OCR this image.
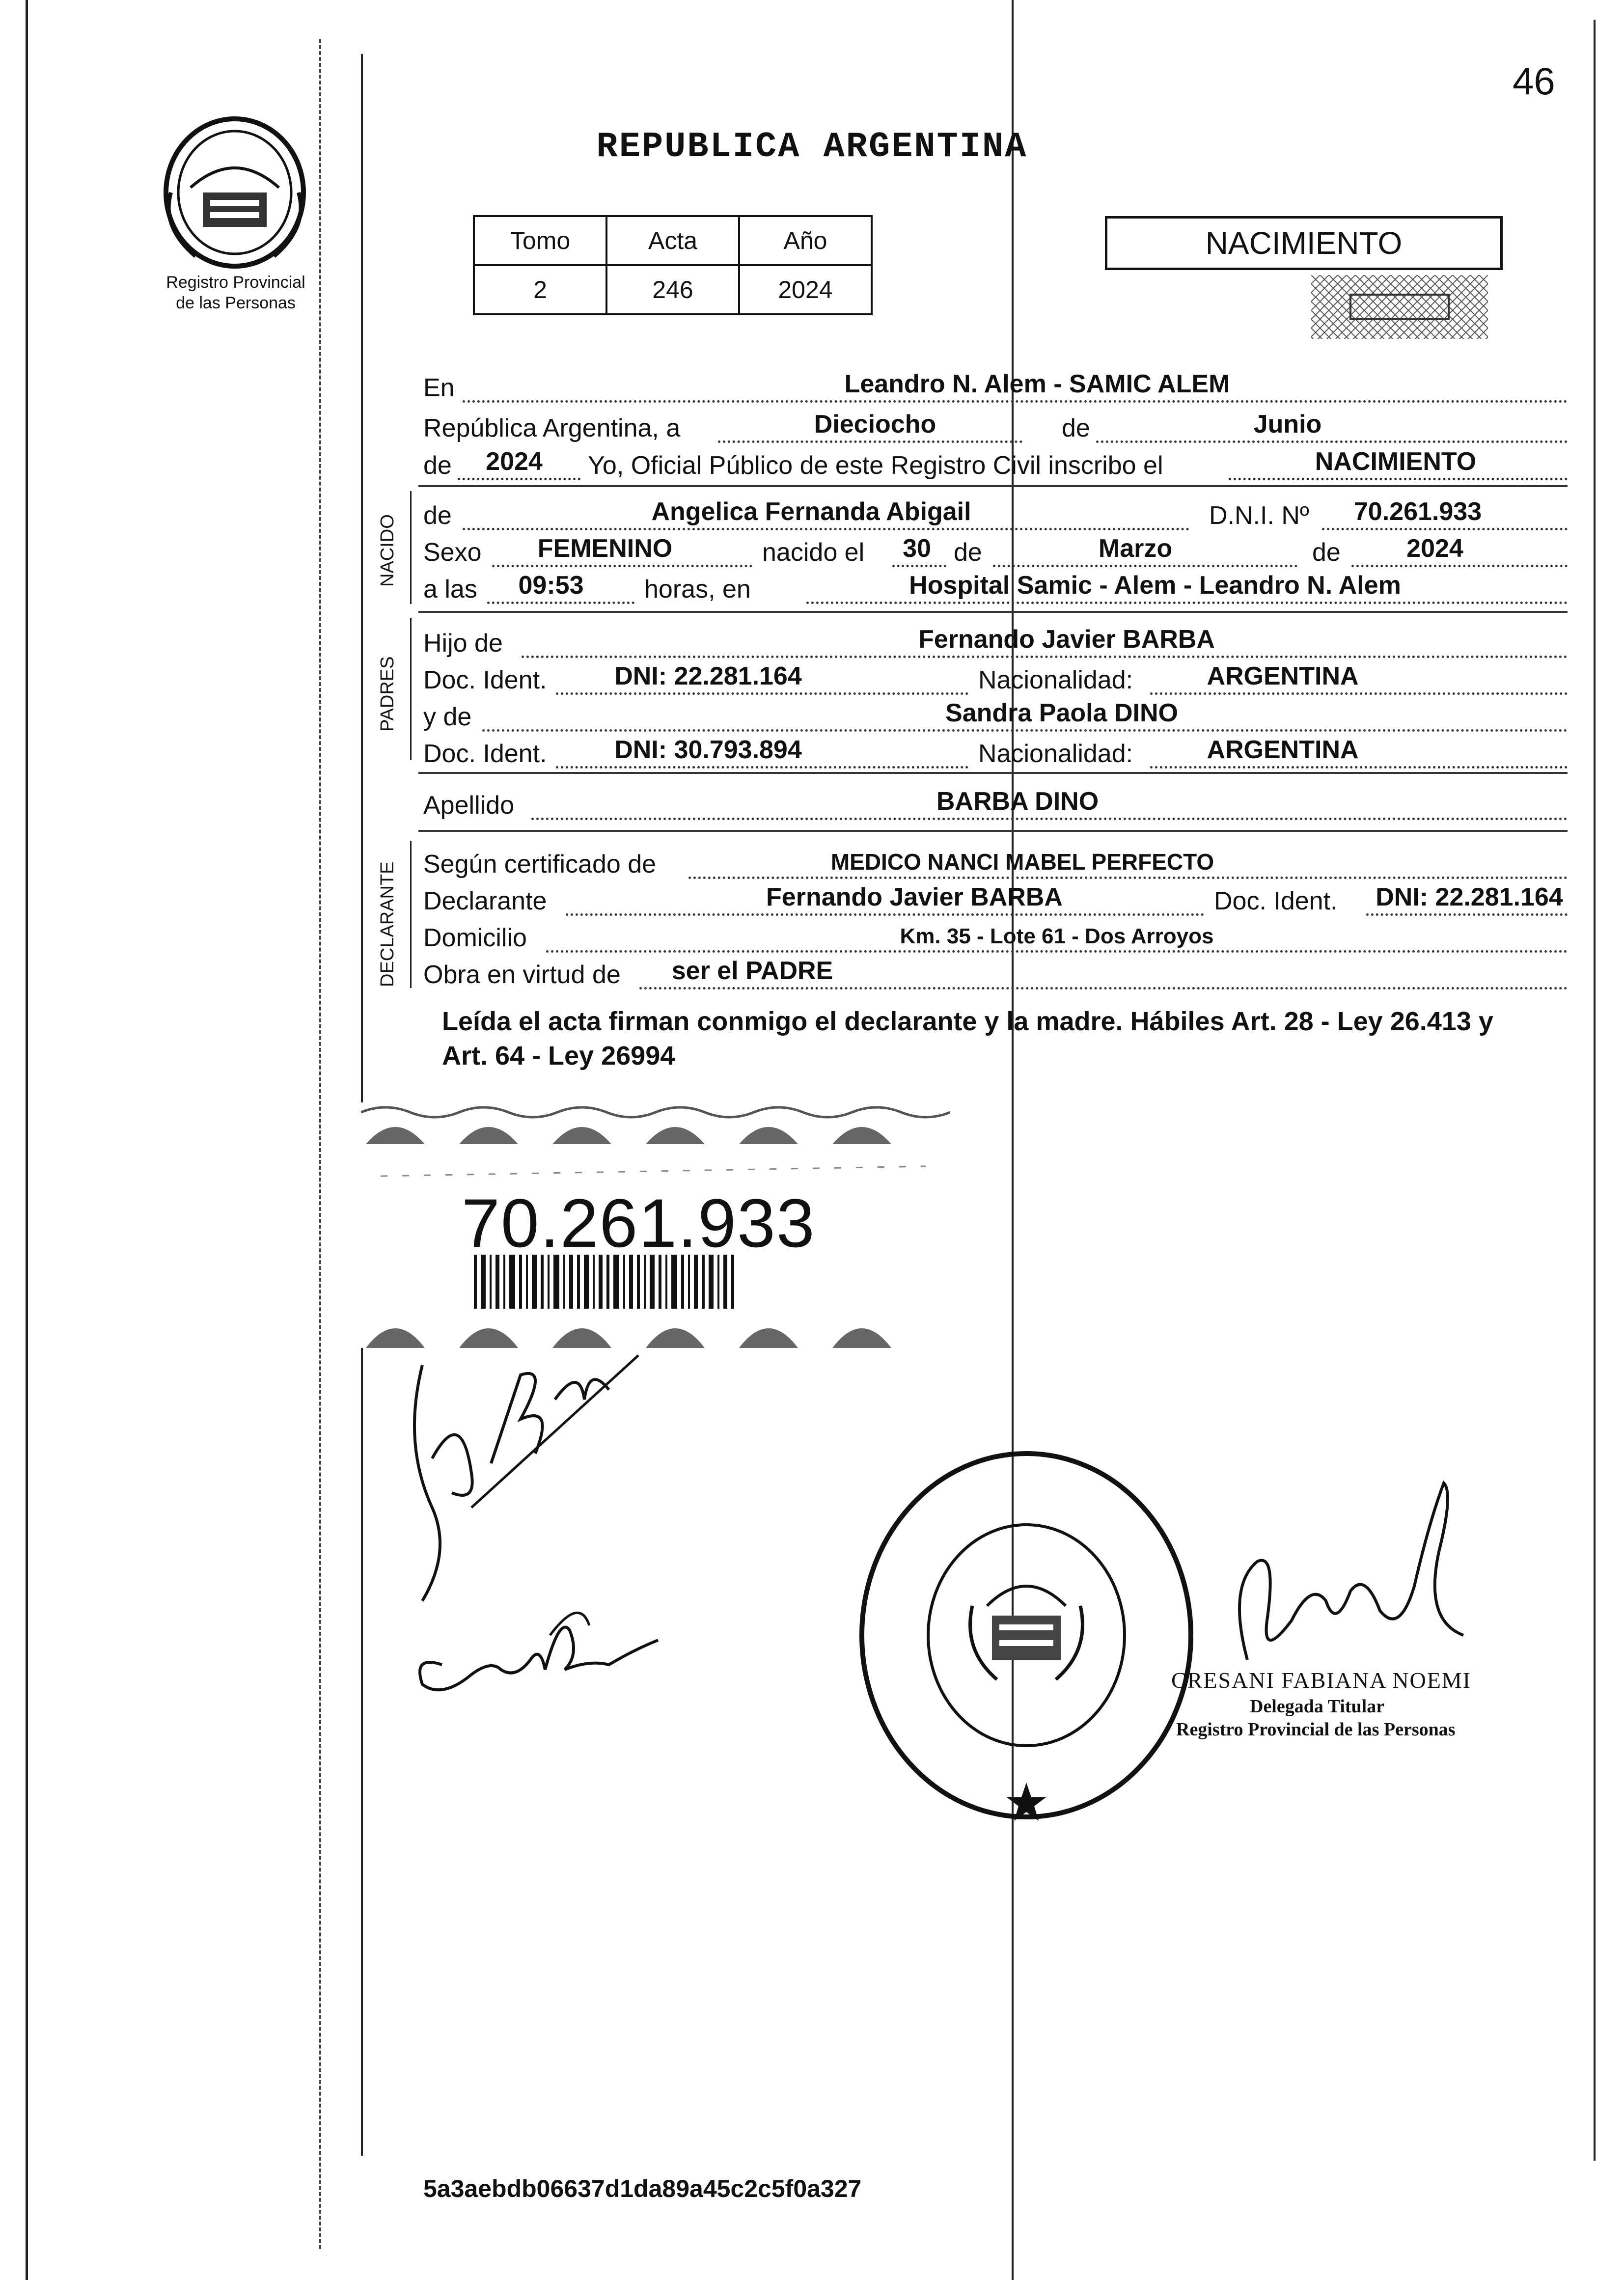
46
Registro Provincial
de las Personas
REPUBLICA ARGENTINA
Tomo	Acta	Año
2	246	2024
NACIMIENTO
En	Leandro N. Alem - SAMIC ALEM
República Argentina, a	Dieciocho	de	Junio
de	2024	Yo, Oficial Público de este Registro Civil inscribo el	NACIMIENTO
NACIDO de	Angelica Fernanda Abigail	D.N.I. Nº	70.261.933
Sexo	FEMENINO	nacido el	30 de	Marzo	de	2024
a las	09:53	horas, en	Hospital Samic - Alem - Leandro N. Alem
PADRES
Hijo de	Fernando Javier BARBA
Doc. Ident.	DNI: 22.281.164	Nacionalidad:	ARGENTINA
y de	Sandra Paola DINO
Doc. Ident.	DNI: 30.793.894	Nacionalidad:	ARGENTINA
Apellido	BARBA DINO
DECLARANTE Según certificado de	MEDICO NANCI MABEL PERFECTO
Declarante	Fernando Javier BARBA	Doc. Ident.	DNI: 22.281.164
Domicilio	Km. 35 - Lote 61 - Dos Arroyos
Obra en virtud de	ser el PADRE
Leída el acta firman conmigo el declarante y la madre. Hábiles Art. 28 - Ley 26.413 y Art. 64 - Ley 26994
70.261.933
CRESANI FABIANA NOEMI
Delegada Titular
Registro Provincial de las Personas
5a3aebdb06637d1da89a45c2c5f0a327
